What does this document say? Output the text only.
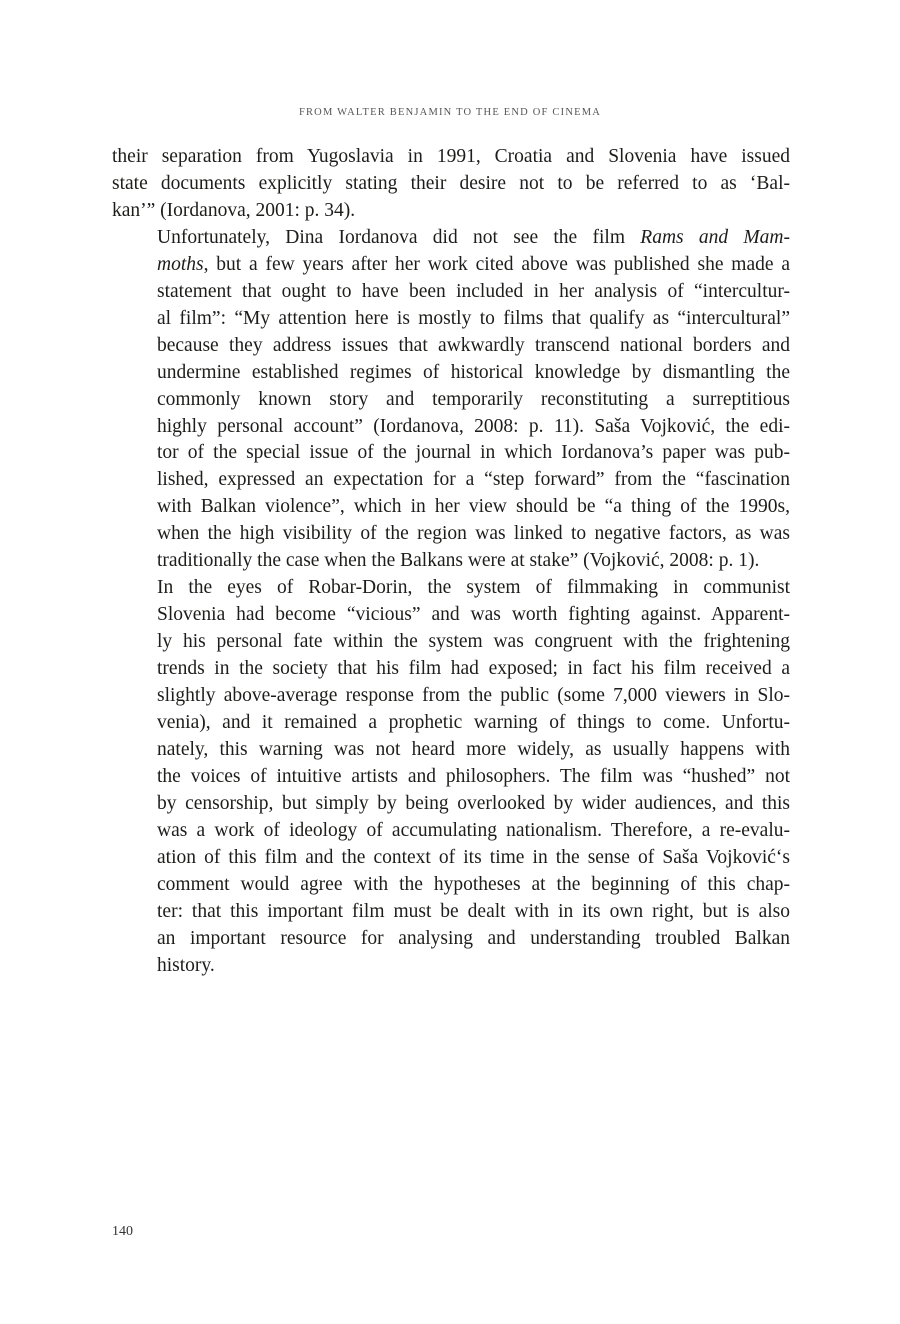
FROM WALTER BENJAMIN TO THE END OF CINEMA

their separation from Yugoslavia in 1991, Croatia and Slovenia have issued
state documents explicitly stating their desire not to be referred to as ‘Bal-
kan’” (Iordanova, 2001: p. 34).

Unfortunately, Dina Iordanova did not see the film Rams and Mam-
moths, but a few years after her work cited above was published she made a
statement that ought to have been included in her analysis of “intercultur-
al film”: “My attention here is mostly to films that qualify as “intercultural”
because they address issues that awkwardly transcend national borders and
undermine established regimes of historical knowledge by dismantling the
commonly known story and temporarily reconstituting a surreptitious
highly personal account” (Iordanova, 2008: p. 11). Saša Vojković, the edi-
tor of the special issue of the journal in which Iordanova’s paper was pub-
lished, expressed an expectation for a “step forward” from the “fascination
with Balkan violence”, which in her view should be “a thing of the 1990s,
when the high visibility of the region was linked to negative factors, as was
traditionally the case when the Balkans were at stake” (Vojković, 2008: p. 1).

In the eyes of Robar-Dorin, the system of filmmaking in communist
Slovenia had become “vicious” and was worth fighting against. Apparent-
ly his personal fate within the system was congruent with the frightening
trends in the society that his film had exposed; in fact his film received a
slightly above-average response from the public (some 7,000 viewers in Slo-
venia), and it remained a prophetic warning of things to come. Unfortu-
nately, this warning was not heard more widely, as usually happens with
the voices of intuitive artists and philosophers. The film was “hushed” not
by censorship, but simply by being overlooked by wider audiences, and this
was a work of ideology of accumulating nationalism. Therefore, a re-evalu-
ation of this film and the context of its time in the sense of Saša Vojković‘s
comment would agree with the hypotheses at the beginning of this chap-
ter: that this important film must be dealt with in its own right, but is also
an important resource for analysing and understanding troubled Balkan
history.

140
